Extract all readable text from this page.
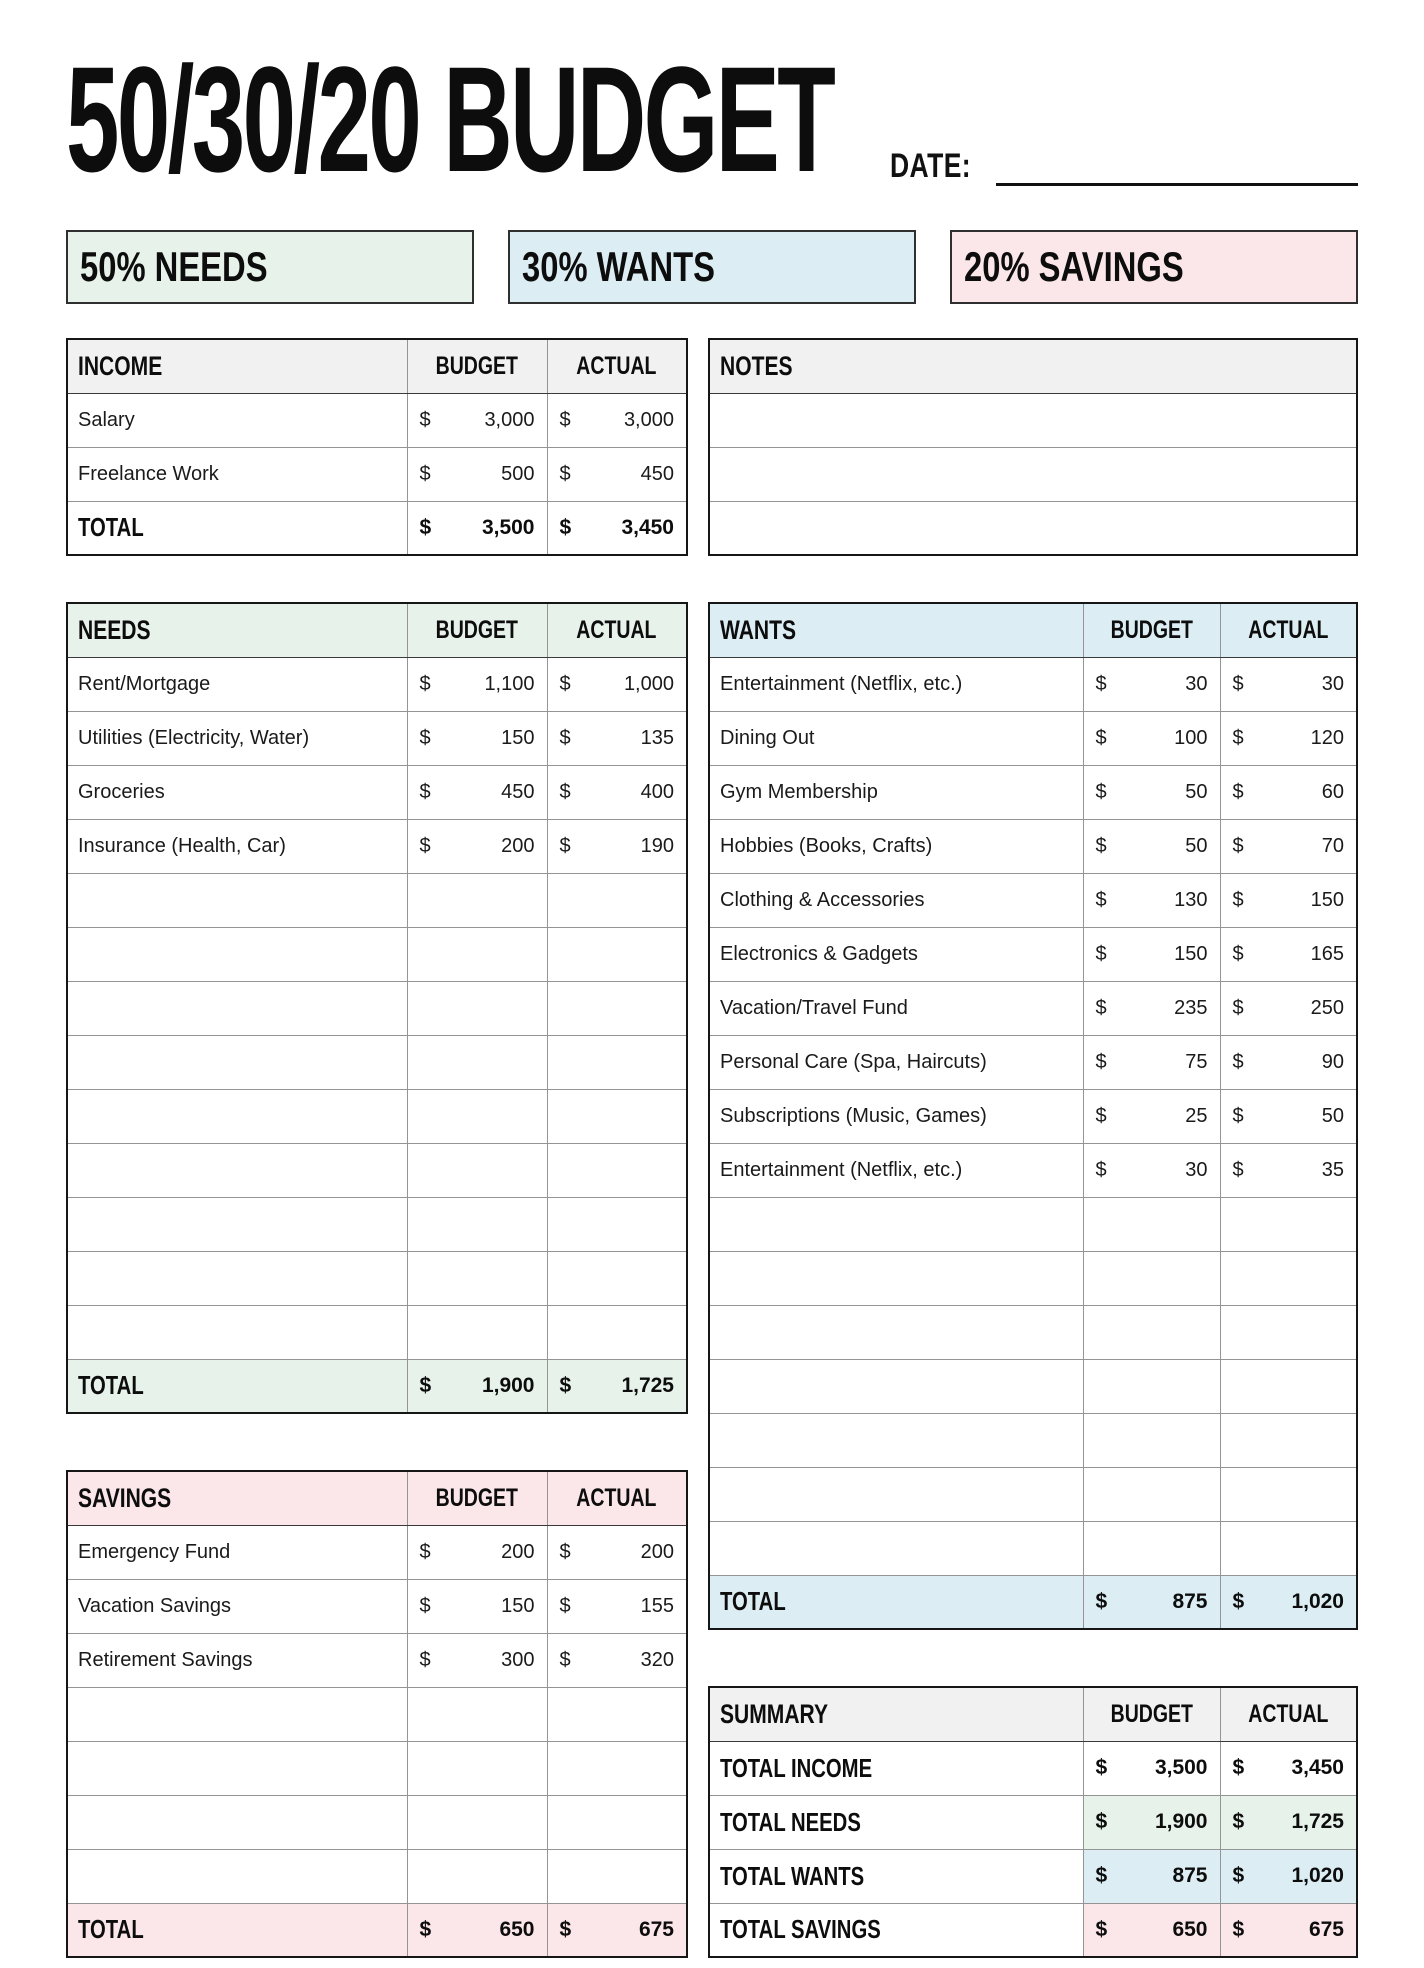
50/30/20 BUDGET	DATE:
50% NEEDS	30% WANTS	20% SAVINGS
INCOME	BUDGET	ACTUAL
Salary	$ 3,000	$ 3,000

Freelance Work	$ 500	$ 450

TOTAL	$ 3,500	$ 3,450
NEEDS	BUDGET	ACTUAL
Rent/Mortgage	$ 1,100	$ 1,000

Utilities (Electricity, Water)	$ 150	$ 135

Groceries	$ 450	$ 400

Insurance (Health, Car)	$ 200	$ 190

TOTAL	$ 1,900	$ 1,725
SAVINGS	BUDGET	ACTUAL
Emergency Fund	$ 200	$ 200

Vacation Savings	$ 150	$ 155

Retirement Savings	$ 300	$ 320

TOTAL	$ 650	$ 675
NOTES

WANTS	BUDGET	ACTUAL
Entertainment (Netflix, etc.)	$ 30	$ 30

Dining Out	$ 100	$ 120

Gym Membership	$ 50	$ 60

Hobbies (Books, Crafts)	$ 50	$ 70

Clothing & Accessories	$ 130	$ 150

Electronics & Gadgets	$ 150	$ 165

Vacation/Travel Fund	$ 235	$ 250

Personal Care (Spa, Haircuts)	$ 75	$ 90

Subscriptions (Music, Games)	$ 25	$ 50

Entertainment (Netflix, etc.)	$ 30	$ 35

TOTAL	$ 875	$ 1,020
SUMMARY	BUDGET	ACTUAL
TOTAL INCOME	$ 3,500	$ 3,450

TOTAL NEEDS	$ 1,900	$ 1,725

TOTAL WANTS	$ 875	$ 1,020

TOTAL SAVINGS	$ 650	$ 675
